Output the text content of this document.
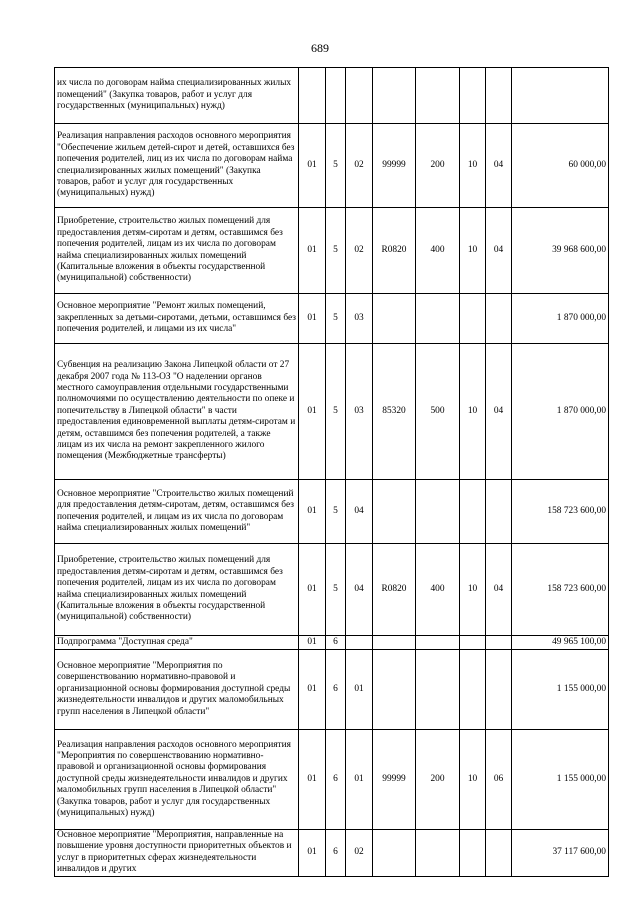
689
их числа по договорам найма специализированных жилых помещений" (Закупка товаров, работ и услуг для государственных (муниципальных) нужд)								
Реализация направления расходов основного мероприятия "Обеспечение жильем детей-сирот и детей, оставшихся без попечения родителей, лиц из их числа по договорам найма специализированных жилых помещений" (Закупка товаров, работ и услуг для государственных (муниципальных) нужд)	01	5	02	99999	200	10	04	60 000,00
Приобретение, строительство жилых помещений для предоставления детям-сиротам и детям, оставшимся без попечения родителей, лицам из их числа по договорам найма специализированных жилых помещений (Капитальные вложения в объекты государственной (муниципальной) собственности)	01	5	02	R0820	400	10	04	39 968 600,00
Основное мероприятие "Ремонт жилых помещений, закрепленных за детьми-сиротами, детьми, оставшимся без попечения родителей, и лицами из их числа"	01	5	03					1 870 000,00
Субвенция на реализацию Закона Липецкой области от 27 декабря 2007 года № 113-ОЗ "О наделении органов местного самоуправления отдельными государственными полномочиями по осуществлению деятельности по опеке и попечительству в Липецкой области" в части предоставления единовременной выплаты детям-сиротам и детям, оставшимся без попечения родителей, а также лицам из их числа на ремонт закрепленного жилого помещения (Межбюджетные трансферты)	01	5	03	85320	500	10	04	1 870 000,00
Основное мероприятие "Строительство жилых помещений для предоставления детям-сиротам, детям, оставшимся без попечения родителей, и лицам из их числа по договорам найма специализированных жилых помещений"	01	5	04					158 723 600,00
Приобретение, строительство жилых помещений для предоставления детям-сиротам и детям, оставшимся без попечения родителей, лицам из их числа по договорам найма специализированных жилых помещений (Капитальные вложения в объекты государственной (муниципальной) собственности)	01	5	04	R0820	400	10	04	158 723 600,00
Подпрограмма "Доступная среда"	01	6						49 965 100,00
Основное мероприятие "Мероприятия по совершенствованию нормативно-правовой и организационной основы формирования доступной среды жизнедеятельности инвалидов и других маломобильных групп населения в Липецкой области"	01	6	01					1 155 000,00
Реализация направления расходов основного мероприятия "Мероприятия по совершенствованию нормативно-правовой и организационной основы формирования доступной среды жизнедеятельности инвалидов и других маломобильных групп населения в Липецкой области" (Закупка товаров, работ и услуг для государственных (муниципальных) нужд)	01	6	01	99999	200	10	06	1 155 000,00
Основное мероприятие "Мероприятия, направленные на повышение уровня доступности приоритетных объектов и услуг в приоритетных сферах жизнедеятельности инвалидов и других	01	6	02					37 117 600,00
